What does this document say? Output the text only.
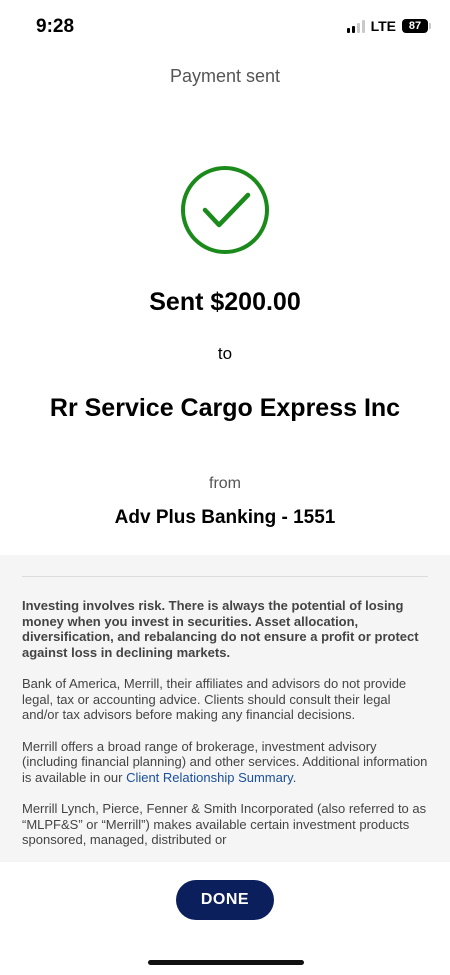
9:28	LTE	87
Payment sent
Sent $200.00
to
Rr Service Cargo Express Inc
from
Adv Plus Banking - 1551

Investing involves risk. There is always the potential of losing money when you invest in securities. Asset allocation, diversification, and rebalancing do not ensure a profit or protect against loss in declining markets.

Bank of America, Merrill, their affiliates and advisors do not provide legal, tax or accounting advice. Clients should consult their legal and/or tax advisors before making any financial decisions.

Merrill offers a broad range of brokerage, investment advisory (including financial planning) and other services. Additional information is available in our Client Relationship Summary.

Merrill Lynch, Pierce, Fenner & Smith Incorporated (also referred to as “MLPF&S” or “Merrill”) makes available certain investment products sponsored, managed, distributed or

DONE
